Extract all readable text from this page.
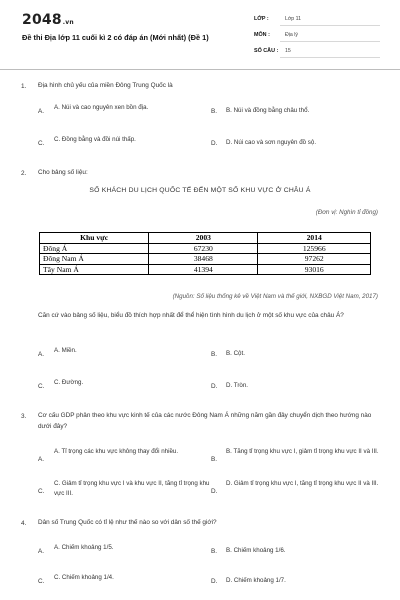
2048.vn
Đề thi Địa lớp 11 cuối kì 2 có đáp án (Mới nhất) (Đề 1)
LỚP :	Lớp 11
MÔN :	Địa lý
SỐ CÂU : 15
1. Địa hình chủ yếu của miền Đông Trung Quốc là
A.
A. Núi và cao nguyên xen bồn địa.
B. B. Núi và đồng bằng châu thổ.
C.
C. Đồng bằng và đồi núi thấp.
D. D. Núi cao và sơn nguyên đồ sộ.
2. Cho bảng số liệu:
SỐ KHÁCH DU LỊCH QUỐC TẾ ĐẾN MỘT SỐ KHU VỰC Ở CHÂU Á
(Đơn vị: Nghìn tỉ đồng)
Khu vực	2003	2014
Đông Á	67230	125966
Đông Nam Á	38468	97262
Tây Nam Á	41394	93016
(Nguồn: Số liệu thống kê về Việt Nam và thế giới, NXBGD Việt Nam, 2017)
Căn cứ vào bảng số liệu, biểu đồ thích hợp nhất để thể hiện tình hình du lịch ở một số khu vực của châu Á?
A.
A. Miền.
B. B. Cột.
C.
C. Đường.
D. D. Tròn.
3. Cơ cấu GDP phân theo khu vực kinh tế của các nước Đông Nam Á những năm gần đây chuyển dịch theo hướng nào dưới đây?
A.
A. Tỉ trọng các khu vực không thay đổi nhiều.
B.
B. Tăng tỉ trọng khu vực I, giảm tỉ trọng khu vực II và III.
C.
C. Giảm tỉ trọng khu vực I và khu vực II, tăng tỉ trọng khu vực III.	D.
D. Giảm tỉ trọng khu vực I, tăng tỉ trọng khu vực II và III.
4. Dân số Trung Quốc có tỉ lệ như thế nào so với dân số thế giới?
A.
A. Chiếm khoảng 1/5.
B. B. Chiếm khoảng 1/6.
C.
C. Chiếm khoảng 1/4.
D. D. Chiếm khoảng 1/7.
